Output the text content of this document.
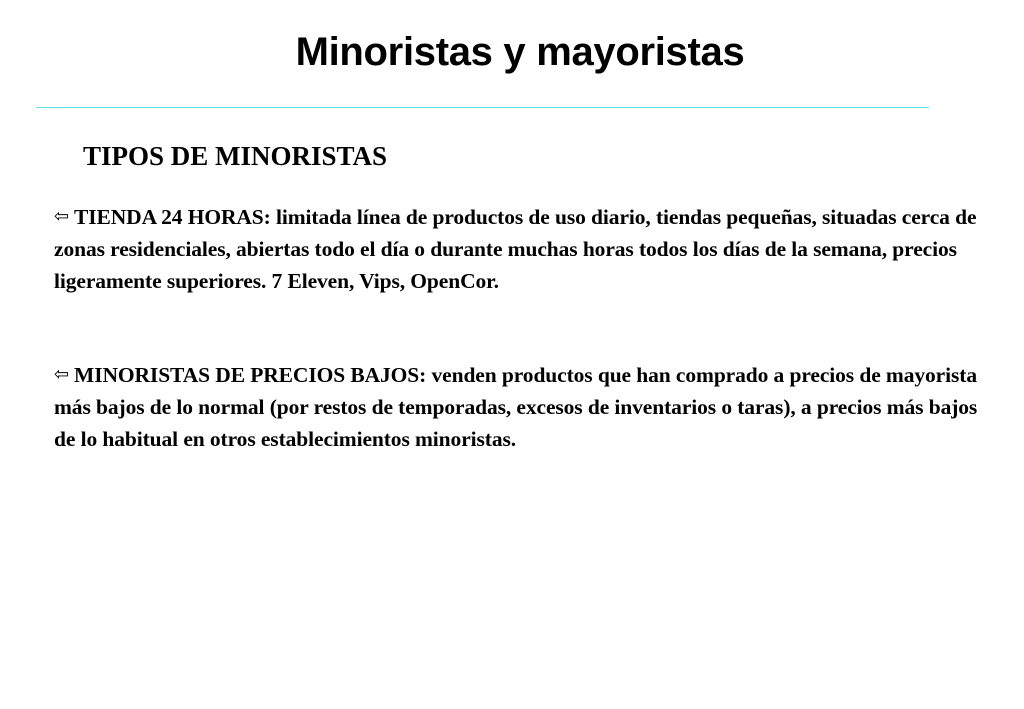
Minoristas y mayoristas
TIPOS DE MINORISTAS

⇦ TIENDA 24 HORAS: limitada línea de productos de uso diario, tiendas pequeñas, situadas cerca de zonas residenciales, abiertas todo el día o durante muchas horas todos los días de la semana, precios ligeramente superiores. 7 Eleven, Vips, OpenCor.

⇦ MINORISTAS DE PRECIOS BAJOS: venden productos que han comprado a precios de mayorista más bajos de lo normal (por restos de temporadas, excesos de inventarios o taras), a precios más bajos de lo habitual en otros establecimientos minoristas.
